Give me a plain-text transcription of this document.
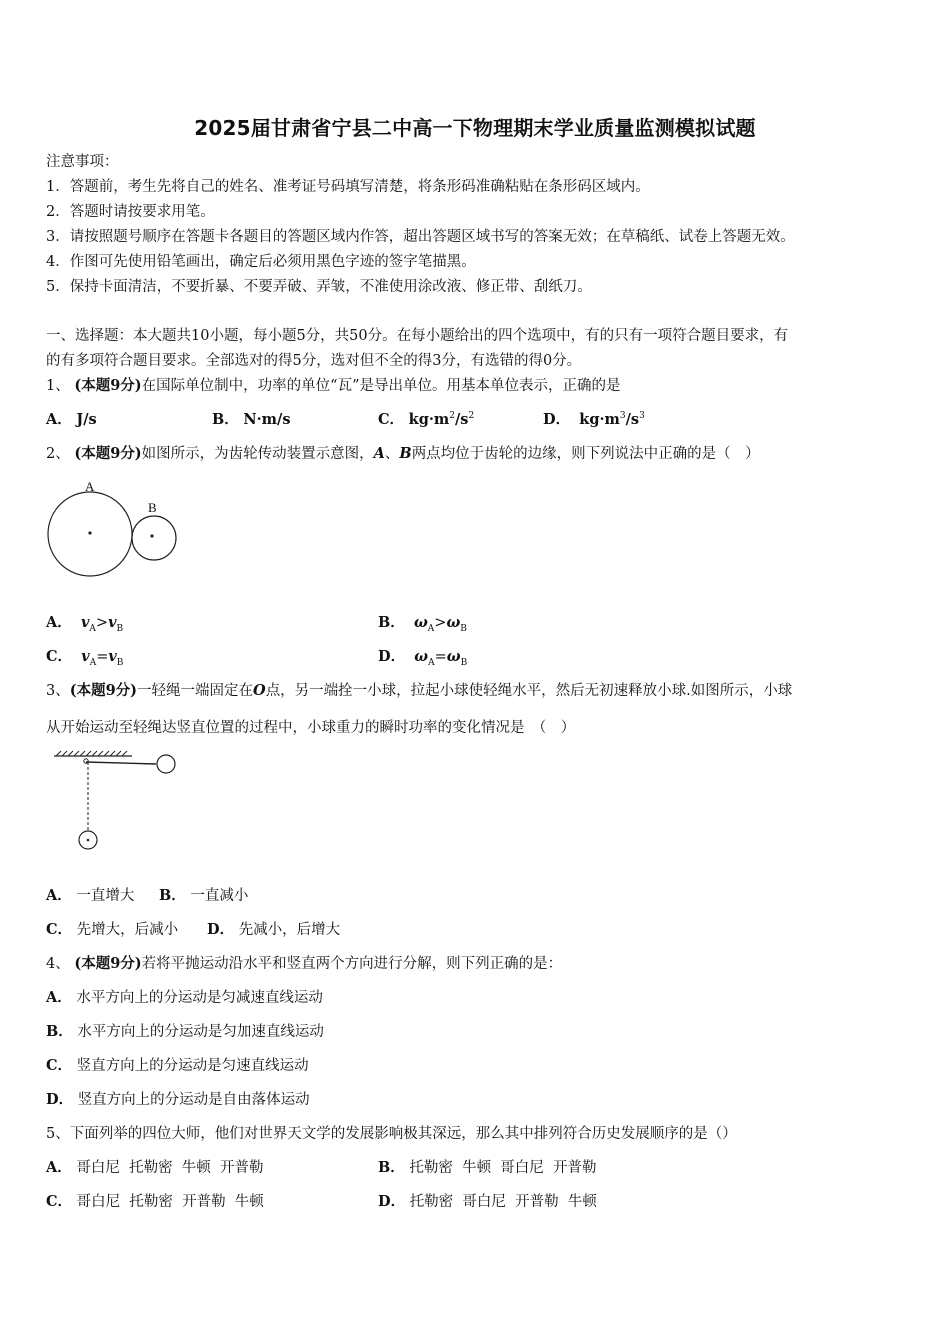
2025届甘肃省宁县二中高一下物理期末学业质量监测模拟试题
注意事项：
1．答题前，考生先将自己的姓名、准考证号码填写清楚，将条形码准确粘贴在条形码区域内。
2．答题时请按要求用笔。
3．请按照题号顺序在答题卡各题目的答题区域内作答，超出答题区域书写的答案无效；在草稿纸、试卷上答题无效。
4．作图可先使用铅笔画出，确定后必须用黑色字迹的签字笔描黑。
5．保持卡面清洁，不要折暴、不要弄破、弄皱，不准使用涂改液、修正带、刮纸刀。
一、选择题：本大题共10小题，每小题5分，共50分。在每小题给出的四个选项中，有的只有一项符合题目要求，有
的有多项符合题目要求。全部选对的得5分，选对但不全的得3分，有选错的得0分。
1、 (本题9分)在国际单位制中，功率的单位“瓦”是导出单位。用基本单位表示，正确的是
A． J/s	B． N·m/s	C． $kg\cdot m^2/s^2$	D． $kg\cdot m^3/s^3$
2、 (本题9分)如图所示，为齿轮传动装置示意图，A、B两点均位于齿轮的边缘，则下列说法中正确的是（　）
A
B
A． $v_A>v_B$	B． $\omega_A>\omega_B$
C． $v_A=v_B$	D． $\omega_A=\omega_B$
3、(本题9分)一轻绳一端固定在O点，另一端拴一小球，拉起小球使轻绳水平，然后无初速释放小球.如图所示，小球
从开始运动至轻绳达竖直位置的过程中，小球重力的瞬时功率的变化情况是　（　）
A． 一直增大 B． 一直减小
C． 先增大，后减小 D． 先减小，后增大
4、 (本题9分)若将平抛运动沿水平和竖直两个方向进行分解，则下列正确的是：
A． 水平方向上的分运动是匀减速直线运动
B． 水平方向上的分运动是匀加速直线运动
C． 竖直方向上的分运动是匀速直线运动
D． 竖直方向上的分运动是自由落体运动
5、下面列举的四位大师，他们对世界天文学的发展影响极其深远，那么其中排列符合历史发展顺序的是（）
A． 哥白尼  托勒密  牛顿  开普勒	B． 托勒密  牛顿  哥白尼  开普勒
C． 哥白尼  托勒密  开普勒  牛顿	D． 托勒密  哥白尼  开普勒  牛顿
